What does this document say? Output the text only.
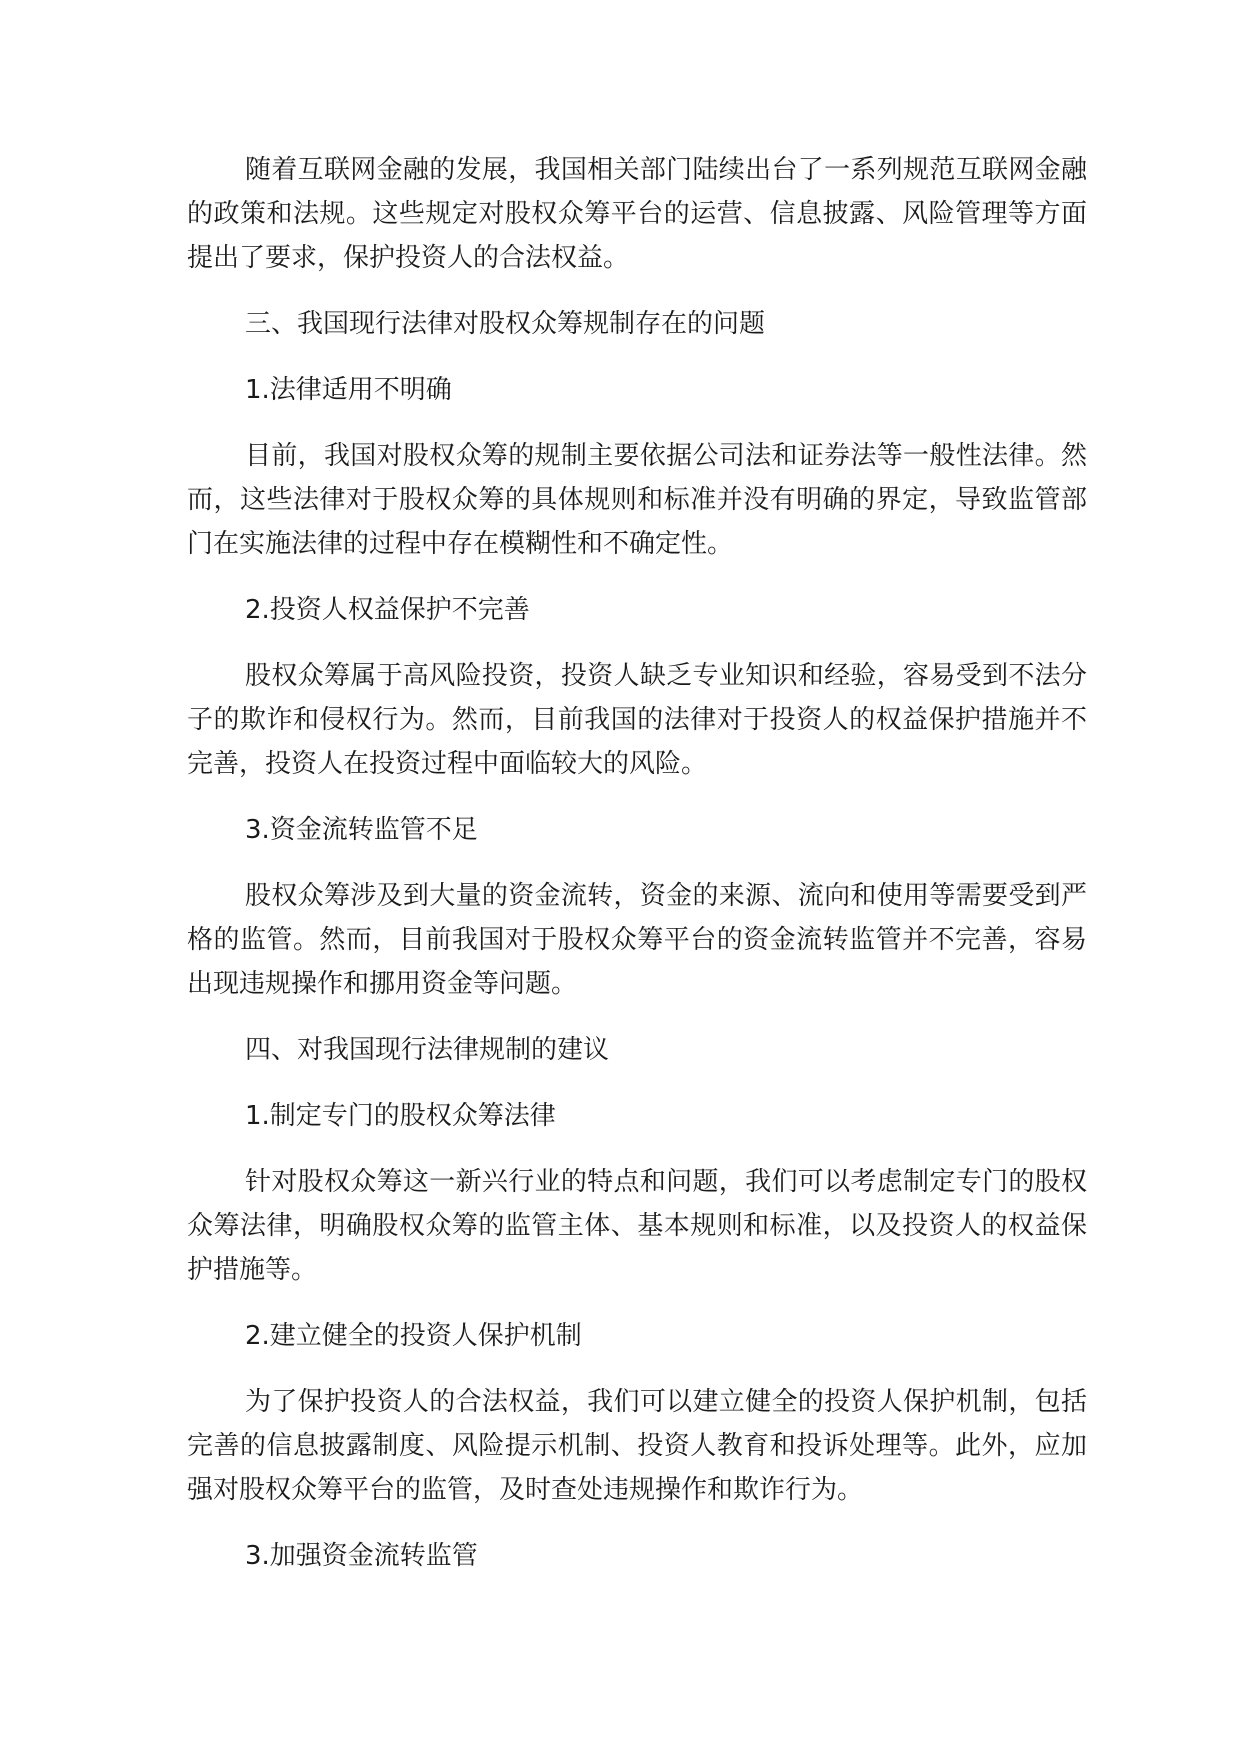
随着互联网金融的发展，我国相关部门陆续出台了一系列规范互联网金融的政策和法规。这些规定对股权众筹平台的运营、信息披露、风险管理等方面提出了要求，保护投资人的合法权益。

三、我国现行法律对股权众筹规制存在的问题

1.法律适用不明确

目前，我国对股权众筹的规制主要依据公司法和证券法等一般性法律。然而，这些法律对于股权众筹的具体规则和标准并没有明确的界定，导致监管部门在实施法律的过程中存在模糊性和不确定性。

2.投资人权益保护不完善

股权众筹属于高风险投资，投资人缺乏专业知识和经验，容易受到不法分子的欺诈和侵权行为。然而，目前我国的法律对于投资人的权益保护措施并不完善，投资人在投资过程中面临较大的风险。

3.资金流转监管不足

股权众筹涉及到大量的资金流转，资金的来源、流向和使用等需要受到严格的监管。然而，目前我国对于股权众筹平台的资金流转监管并不完善，容易出现违规操作和挪用资金等问题。

四、对我国现行法律规制的建议

1.制定专门的股权众筹法律

针对股权众筹这一新兴行业的特点和问题，我们可以考虑制定专门的股权众筹法律，明确股权众筹的监管主体、基本规则和标准，以及投资人的权益保护措施等。

2.建立健全的投资人保护机制

为了保护投资人的合法权益，我们可以建立健全的投资人保护机制，包括完善的信息披露制度、风险提示机制、投资人教育和投诉处理等。此外，应加强对股权众筹平台的监管，及时查处违规操作和欺诈行为。

3.加强资金流转监管
